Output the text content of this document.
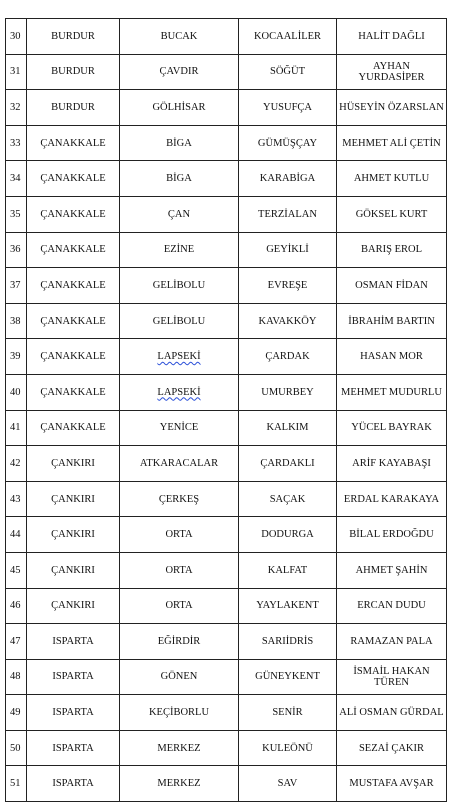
30	BURDUR	BUCAK	KOCAALİLER	HALİT DAĞLI
31	BURDUR	ÇAVDIR	SÖĞÜT	AYHAN YURDASİPER
32	BURDUR	GÖLHİSAR	YUSUFÇA	HÜSEYİN ÖZARSLAN
33	ÇANAKKALE	BİGA	GÜMÜŞÇAY	MEHMET ALİ ÇETİN
34	ÇANAKKALE	BİGA	KARABİGA	AHMET KUTLU
35	ÇANAKKALE	ÇAN	TERZİALAN	GÖKSEL KURT
36	ÇANAKKALE	EZİNE	GEYİKLİ	BARIŞ EROL
37	ÇANAKKALE	GELİBOLU	EVREŞE	OSMAN FİDAN
38	ÇANAKKALE	GELİBOLU	KAVAKKÖY	İBRAHİM BARTIN
39	ÇANAKKALE	LAPSEKİ	ÇARDAK	HASAN MOR
40	ÇANAKKALE	LAPSEKİ	UMURBEY	MEHMET MUDURLU
41	ÇANAKKALE	YENİCE	KALKIM	YÜCEL BAYRAK
42	ÇANKIRI	ATKARACALAR	ÇARDAKLI	ARİF KAYABAŞI
43	ÇANKIRI	ÇERKEŞ	SAÇAK	ERDAL KARAKAYA
44	ÇANKIRI	ORTA	DODURGA	BİLAL ERDOĞDU
45	ÇANKIRI	ORTA	KALFAT	AHMET ŞAHİN
46	ÇANKIRI	ORTA	YAYLAKENT	ERCAN DUDU
47	ISPARTA	EĞİRDİR	SARIİDRİS	RAMAZAN PALA
48	ISPARTA	GÖNEN	GÜNEYKENT	İSMAİL HAKAN TÜREN
49	ISPARTA	KEÇİBORLU	SENİR	ALİ OSMAN GÜRDAL
50	ISPARTA	MERKEZ	KULEÖNÜ	SEZAİ ÇAKIR
51	ISPARTA	MERKEZ	SAV	MUSTAFA AVŞAR
